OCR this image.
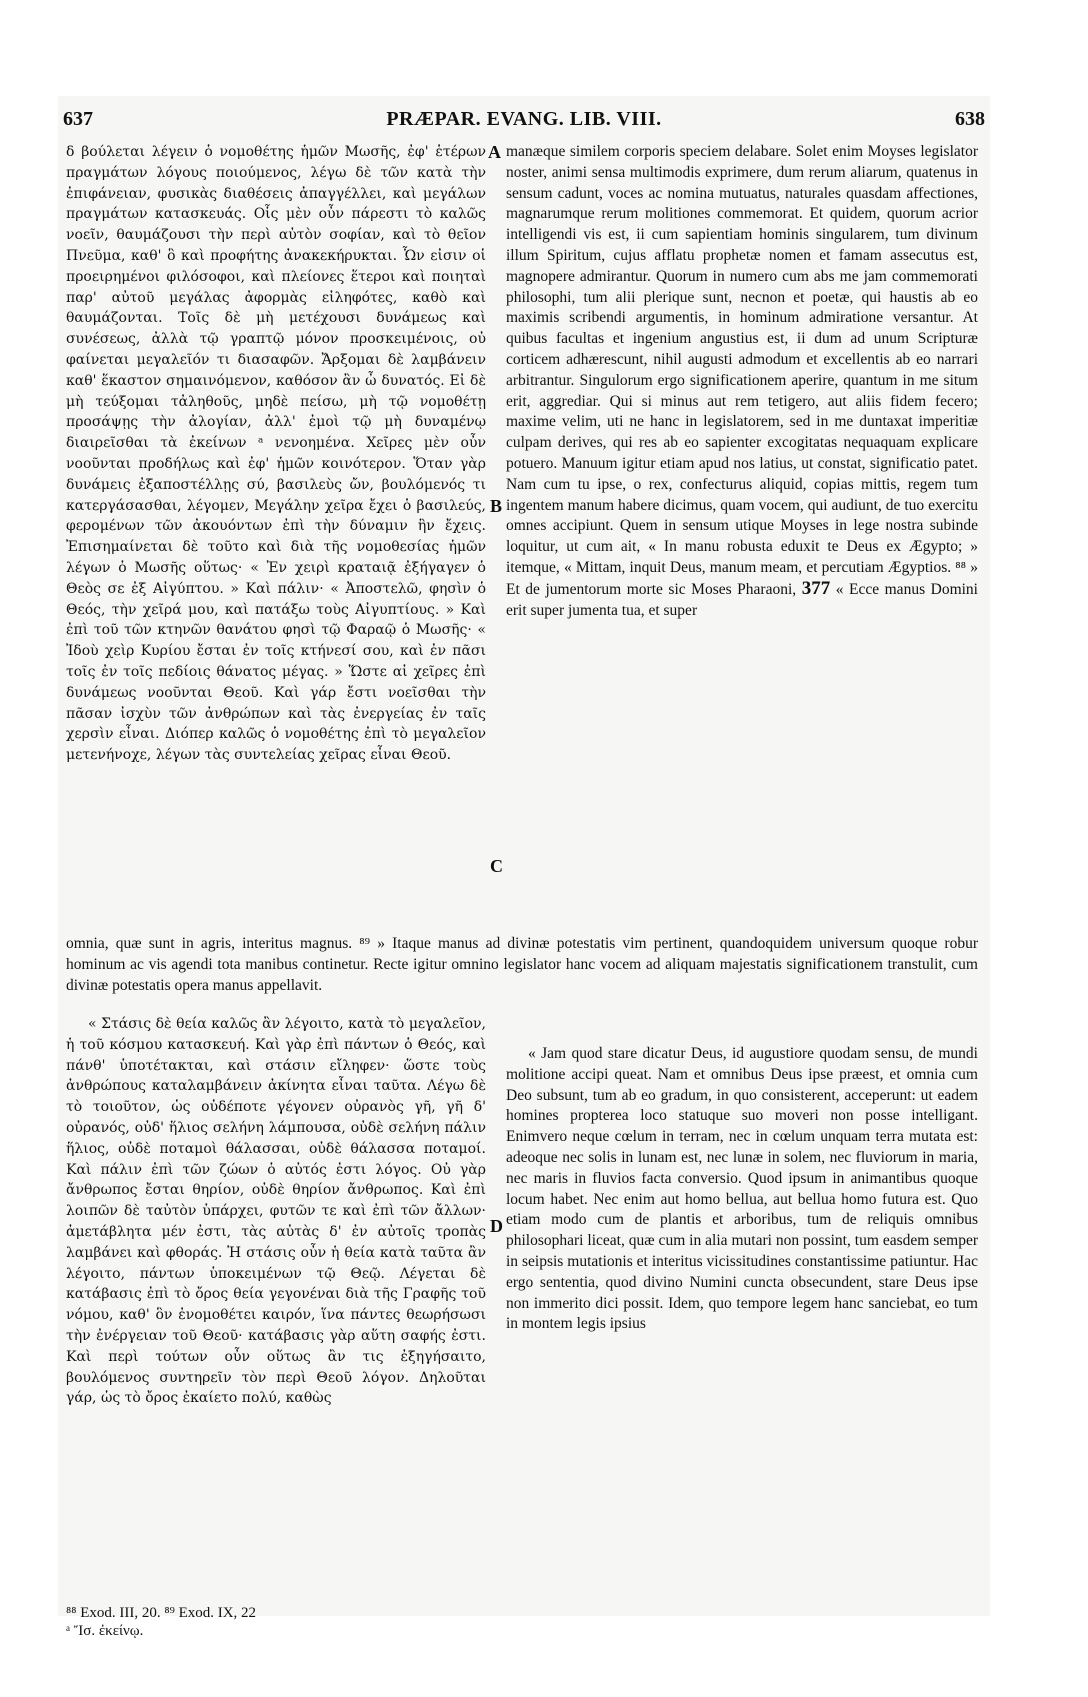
637	PRÆPAR. EVANG. LIB. VIII.	638
A
B
C
D

δ βούλεται λέγειν ὁ νομοθέτης ἡμῶν Μωσῆς, ἐφ' ἑτέρων πραγμάτων λόγους ποιούμενος, λέγω δὲ τῶν κατὰ τὴν ἐπιφάνειαν, φυσικὰς διαθέσεις ἀπαγγέλλει, καὶ μεγάλων πραγμάτων κατασκευάς. Οἷς μὲν οὖν πάρεστι τὸ καλῶς νοεῖν, θαυμάζουσι τὴν περὶ αὐτὸν σοφίαν, καὶ τὸ θεῖον Πνεῦμα, καθ' ὃ καὶ προφήτης ἀνακεκήρυκται. Ὧν εἰσιν οἱ προειρημένοι φιλόσοφοι, καὶ πλείονες ἕτεροι καὶ ποιηταὶ παρ' αὐτοῦ μεγάλας ἀφορμὰς εἰληφότες, καθὸ καὶ θαυμάζονται. Τοῖς δὲ μὴ μετέχουσι δυνάμεως καὶ συνέσεως, ἀλλὰ τῷ γραπτῷ μόνον προσκειμένοις, οὐ φαίνεται μεγαλεῖόν τι διασαφῶν. Ἄρξομαι δὲ λαμβάνειν καθ' ἕκαστον σημαινόμενον, καθόσον ἂν ὦ δυνατός. Εἰ δὲ μὴ τεύξομαι τἀληθοῦς, μηδὲ πείσω, μὴ τῷ νομοθέτῃ προσάψῃς τὴν ἀλογίαν, ἀλλ' ἐμοὶ τῷ μὴ δυναμένῳ διαιρεῖσθαι τὰ ἐκείνων ᵃ νενοημένα. Χεῖρες μὲν οὖν νοοῦνται προδήλως καὶ ἐφ' ἡμῶν κοινότερον. Ὅταν γὰρ δυνάμεις ἐξαποστέλλῃς σύ, βασιλεὺς ὤν, βουλόμενός τι κατεργάσασθαι, λέγομεν, Μεγάλην χεῖρα ἔχει ὁ βασιλεύς, φερομένων τῶν ἀκουόντων ἐπὶ τὴν δύναμιν ἣν ἔχεις. Ἐπισημαίνεται δὲ τοῦτο καὶ διὰ τῆς νομοθεσίας ἡμῶν λέγων ὁ Μωσῆς οὕτως· « Ἐν χειρὶ κραταιᾷ ἐξήγαγεν ὁ Θεὸς σε ἐξ Αἰγύπτου. » Καὶ πάλιν· « Ἀποστελῶ, φησὶν ὁ Θεός, τὴν χεῖρά μου, καὶ πατάξω τοὺς Αἰγυπτίους. » Καὶ ἐπὶ τοῦ τῶν κτηνῶν θανάτου φησὶ τῷ Φαραῷ ὁ Μωσῆς· « Ἰδοὺ χεὶρ Κυρίου ἔσται ἐν τοῖς κτήνεσί σου, καὶ ἐν πᾶσι τοῖς ἐν τοῖς πεδίοις θάνατος μέγας. » Ὥστε αἱ χεῖρες ἐπὶ δυνάμεως νοοῦνται Θεοῦ. Καὶ γάρ ἔστι νοεῖσθαι τὴν πᾶσαν ἰσχὺν τῶν ἀνθρώπων καὶ τὰς ἐνεργείας ἐν ταῖς χερσὶν εἶναι. Διόπερ καλῶς ὁ νομοθέτης ἐπὶ τὸ μεγαλεῖον μετενήνοχε, λέγων τὰς συντελείας χεῖρας εἶναι Θεοῦ.

manæque similem corporis speciem delabare. Solet enim Moyses legislator noster, animi sensa multimodis exprimere, dum rerum aliarum, quatenus in sensum cadunt, voces ac nomina mutuatus, naturales quasdam affectiones, magnarumque rerum molitiones commemorat. Et quidem, quorum acrior intelligendi vis est, ii cum sapientiam hominis singularem, tum divinum illum Spiritum, cujus afflatu prophetæ nomen et famam assecutus est, magnopere admirantur. Quorum in numero cum abs me jam commemorati philosophi, tum alii plerique sunt, necnon et poetæ, qui haustis ab eo maximis scribendi argumentis, in hominum admiratione versantur. At quibus facultas et ingenium angustius est, ii dum ad unum Scripturæ corticem adhærescunt, nihil augusti admodum et excellentis ab eo narrari arbitrantur. Singulorum ergo significationem aperire, quantum in me situm erit, aggrediar. Qui si minus aut rem tetigero, aut aliis fidem fecero; maxime velim, uti ne hanc in legislatorem, sed in me duntaxat imperitiæ culpam derives, qui res ab eo sapienter excogitatas nequaquam explicare potuero. Manuum igitur etiam apud nos latius, ut constat, significatio patet. Nam cum tu ipse, o rex, confecturus aliquid, copias mittis, regem tum ingentem manum habere dicimus, quam vocem, qui audiunt, de tuo exercitu omnes accipiunt. Quem in sensum utique Moyses in lege nostra subinde loquitur, ut cum ait, « In manu robusta eduxit te Deus ex Ægypto; » itemque, « Mittam, inquit Deus, manum meam, et percutiam Ægyptios. ⁸⁸ » Et de jumentorum morte sic Moses Pharaoni, 377 « Ecce manus Domini erit super jumenta tua, et super

omnia, quæ sunt in agris, interitus magnus. ⁸⁹ » Itaque manus ad divinæ potestatis vim pertinent, quandoquidem universum quoque robur hominum ac vis agendi tota manibus continetur. Recte igitur omnino legislator hanc vocem ad aliquam majestatis significationem transtulit, cum divinæ potestatis opera manus appellavit.

« Στάσις δὲ θεία καλῶς ἂν λέγοιτο, κατὰ τὸ μεγαλεῖον, ἡ τοῦ κόσμου κατασκευή. Καὶ γὰρ ἐπὶ πάντων ὁ Θεός, καὶ πάνθ' ὑποτέτακται, καὶ στάσιν εἴληφεν· ὥστε τοὺς ἀνθρώπους καταλαμβάνειν ἀκίνητα εἶναι ταῦτα. Λέγω δὲ τὸ τοιοῦτον, ὡς οὐδέποτε γέγονεν οὐρανὸς γῆ, γῆ δ' οὐρανός, οὐδ' ἥλιος σελήνη λάμπουσα, οὐδὲ σελήνη πάλιν ἥλιος, οὐδὲ ποταμοὶ θάλασσαι, οὐδὲ θάλασσα ποταμοί. Καὶ πάλιν ἐπὶ τῶν ζώων ὁ αὐτός ἐστι λόγος. Οὐ γὰρ ἄνθρωπος ἔσται θηρίον, οὐδὲ θηρίον ἄνθρωπος. Καὶ ἐπὶ λοιπῶν δὲ ταὐτὸν ὑπάρχει, φυτῶν τε καὶ ἐπὶ τῶν ἄλλων· ἀμετάβλητα μέν ἐστι, τὰς αὐτὰς δ' ἐν αὐτοῖς τροπὰς λαμβάνει καὶ φθοράς. Ἡ στάσις οὖν ἡ θεία κατὰ ταῦτα ἂν λέγοιτο, πάντων ὑποκειμένων τῷ Θεῷ. Λέγεται δὲ κατάβασις ἐπὶ τὸ ὄρος θεία γεγονέναι διὰ τῆς Γραφῆς τοῦ νόμου, καθ' ὃν ἐνομοθέτει καιρόν, ἵνα πάντες θεωρήσωσι τὴν ἐνέργειαν τοῦ Θεοῦ· κατάβασις γὰρ αὕτη σαφής ἐστι. Καὶ περὶ τούτων οὖν οὕτως ἂν τις ἐξηγήσαιτο, βουλόμενος συντηρεῖν τὸν περὶ Θεοῦ λόγον. Δηλοῦται γάρ, ὡς τὸ ὄρος ἐκαίετο πολύ, καθὼς

« Jam quod stare dicatur Deus, id augustiore quodam sensu, de mundi molitione accipi queat. Nam et omnibus Deus ipse præest, et omnia cum Deo subsunt, tum ab eo gradum, in quo consisterent, acceperunt: ut eadem homines propterea loco statuque suo moveri non posse intelligant. Enimvero neque cœlum in terram, nec in cœlum unquam terra mutata est: adeoque nec solis in lunam est, nec lunæ in solem, nec fluviorum in maria, nec maris in fluvios facta conversio. Quod ipsum in animantibus quoque locum habet. Nec enim aut homo bellua, aut bellua homo futura est. Quo etiam modo cum de plantis et arboribus, tum de reliquis omnibus philosophari liceat, quæ cum in alia mutari non possint, tum easdem semper in seipsis mutationis et interitus vicissitudines constantissime patiuntur. Hac ergo sententia, quod divino Numini cuncta obsecundent, stare Deus ipse non immerito dici possit. Idem, quo tempore legem hanc sanciebat, eo tum in montem legis ipsius

⁸⁸ Exod. III, 20. ⁸⁹ Exod. IX, 22

ᵃ Ἴσ. ἐκείνῳ.
